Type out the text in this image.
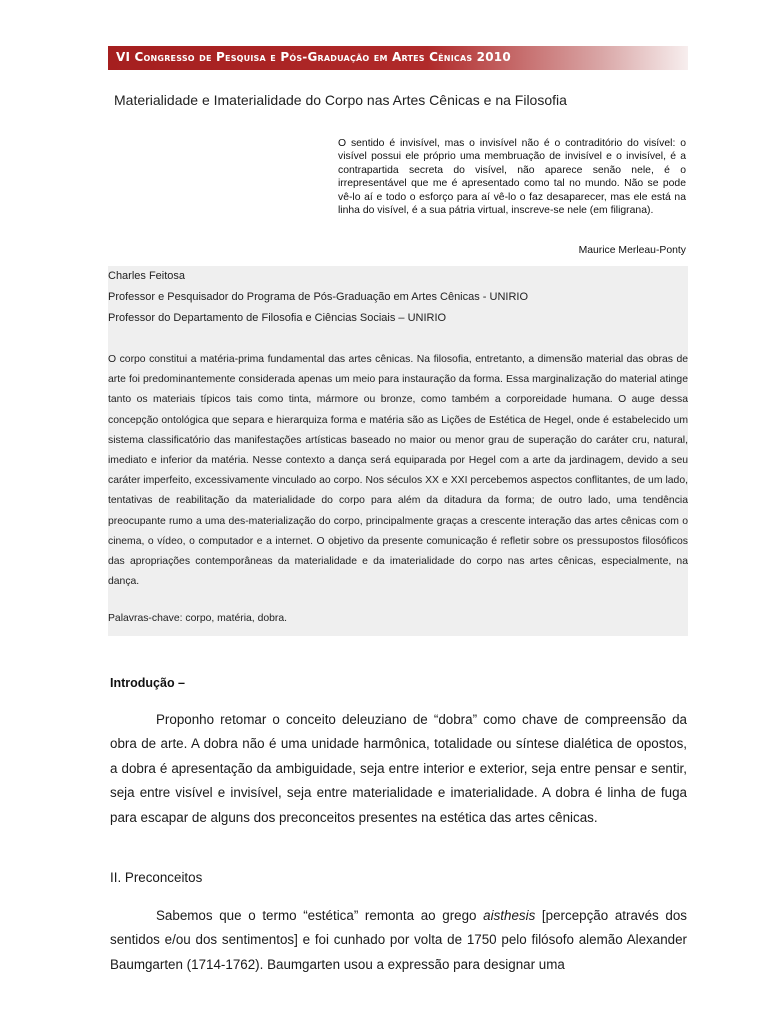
VI Congresso de Pesquisa e Pós-Graduação em Artes Cênicas 2010
Materialidade e Imaterialidade do Corpo nas Artes Cênicas e na Filosofia
O sentido é invisível, mas o invisível não é o contraditório do visível: o visível possui ele próprio uma membruação de invisível e o invisível, é a contrapartida secreta do visível, não aparece senão nele, é o irrepresentável que me é apresentado como tal no mundo. Não se pode vê-lo aí e todo o esforço para aí vê-lo o faz desaparecer, mas ele está na linha do visível, é a sua pátria virtual, inscreve-se nele (em filigrana).
Maurice Merleau-Ponty
Charles Feitosa
Professor e Pesquisador do Programa de Pós-Graduação em Artes Cênicas - UNIRIO
Professor do Departamento de Filosofia e Ciências Sociais – UNIRIO
O corpo constitui a matéria-prima fundamental das artes cênicas. Na filosofia, entretanto, a dimensão material das obras de arte foi predominantemente considerada apenas um meio para instauração da forma. Essa marginalização do material atinge tanto os materiais típicos tais como tinta, mármore ou bronze, como também a corporeidade humana. O auge dessa concepção ontológica que separa e hierarquiza forma e matéria são as Lições de Estética de Hegel, onde é estabelecido um sistema classificatório das manifestações artísticas baseado no maior ou menor grau de superação do caráter cru, natural, imediato e inferior da matéria. Nesse contexto a dança será equiparada por Hegel com a arte da jardinagem, devido a seu caráter imperfeito, excessivamente vinculado ao corpo. Nos séculos XX e XXI percebemos aspectos conflitantes, de um lado, tentativas de reabilitação da materialidade do corpo para além da ditadura da forma; de outro lado, uma tendência preocupante rumo a uma des-materialização do corpo, principalmente graças a crescente interação das artes cênicas com o cinema, o vídeo, o computador e a internet. O objetivo da presente comunicação é refletir sobre os pressupostos filosóficos das apropriações contemporâneas da materialidade e da imaterialidade do corpo nas artes cênicas, especialmente, na dança.
Palavras-chave: corpo, matéria, dobra.
Introdução –
Proponho retomar o conceito deleuziano de “dobra” como chave de compreensão da obra de arte. A dobra não é uma unidade harmônica, totalidade ou síntese dialética de opostos, a dobra é apresentação da ambiguidade, seja entre interior e exterior, seja entre pensar e sentir, seja entre visível e invisível, seja entre materialidade e imaterialidade. A dobra é linha de fuga para escapar de alguns dos preconceitos presentes na estética das artes cênicas.
II. Preconceitos
Sabemos que o termo “estética” remonta ao grego aisthesis [percepção através dos sentidos e/ou dos sentimentos] e foi cunhado por volta de 1750 pelo filósofo alemão Alexander Baumgarten (1714-1762). Baumgarten usou a expressão para designar uma
